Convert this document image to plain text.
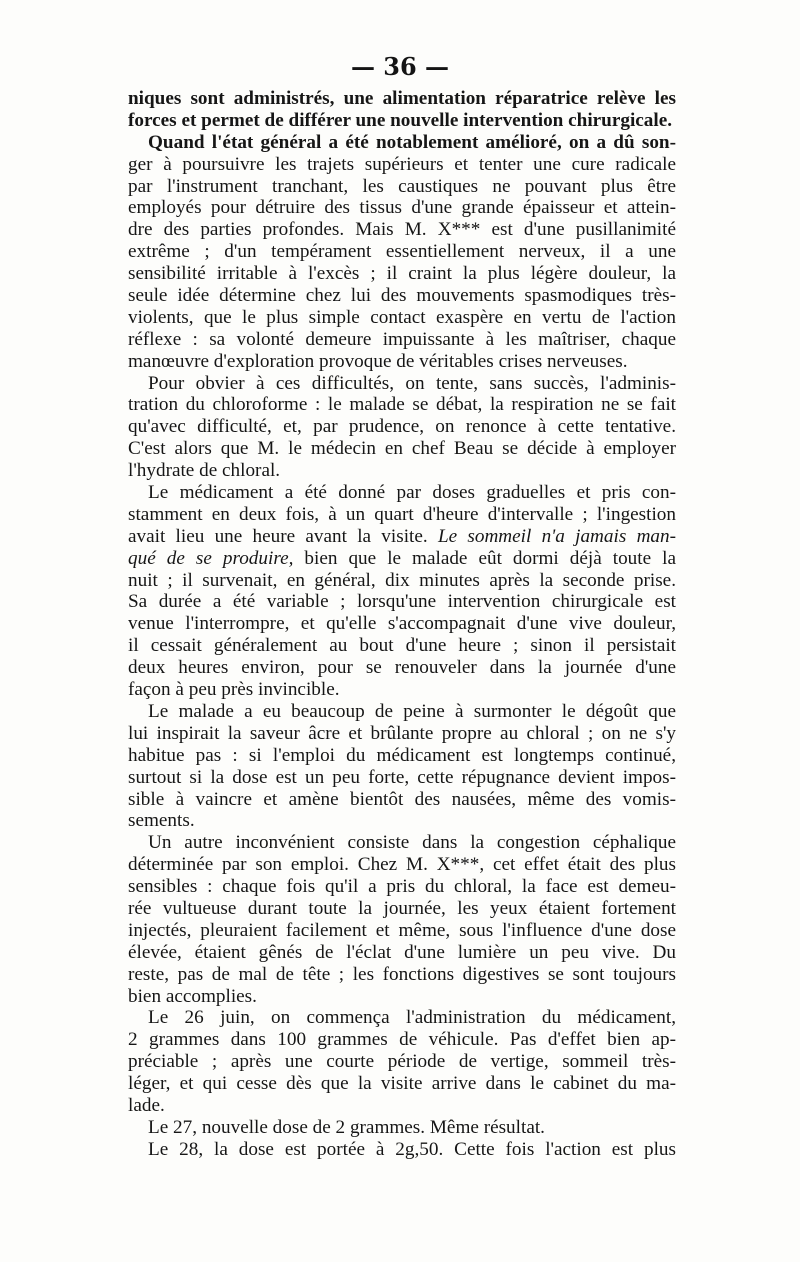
— 36 —
niques sont administrés, une alimentation réparatrice relève les
forces et permet de différer une nouvelle intervention chirurgicale.
Quand l'état général a été notablement amélioré, on a dû son-
ger à poursuivre les trajets supérieurs et tenter une cure radicale
par l'instrument tranchant, les caustiques ne pouvant plus être
employés pour détruire des tissus d'une grande épaisseur et attein-
dre des parties profondes. Mais M. X*** est d'une pusillanimité
extrême ; d'un tempérament essentiellement nerveux, il a une
sensibilité irritable à l'excès ; il craint la plus légère douleur, la
seule idée détermine chez lui des mouvements spasmodiques très-
violents, que le plus simple contact exaspère en vertu de l'action
réflexe : sa volonté demeure impuissante à les maîtriser, chaque
manœuvre d'exploration provoque de véritables crises nerveuses.
Pour obvier à ces difficultés, on tente, sans succès, l'adminis-
tration du chloroforme : le malade se débat, la respiration ne se fait
qu'avec difficulté, et, par prudence, on renonce à cette tentative.
C'est alors que M. le médecin en chef Beau se décide à employer
l'hydrate de chloral.
Le médicament a été donné par doses graduelles et pris con-
stamment en deux fois, à un quart d'heure d'intervalle ; l'ingestion
avait lieu une heure avant la visite. Le sommeil n'a jamais man-
qué de se produire, bien que le malade eût dormi déjà toute la
nuit ; il survenait, en général, dix minutes après la seconde prise.
Sa durée a été variable ; lorsqu'une intervention chirurgicale est
venue l'interrompre, et qu'elle s'accompagnait d'une vive douleur,
il cessait généralement au bout d'une heure ; sinon il persistait
deux heures environ, pour se renouveler dans la journée d'une
façon à peu près invincible.
Le malade a eu beaucoup de peine à surmonter le dégoût que
lui inspirait la saveur âcre et brûlante propre au chloral ; on ne s'y
habitue pas : si l'emploi du médicament est longtemps continué,
surtout si la dose est un peu forte, cette répugnance devient impos-
sible à vaincre et amène bientôt des nausées, même des vomis-
sements.
Un autre inconvénient consiste dans la congestion céphalique
déterminée par son emploi. Chez M. X***, cet effet était des plus
sensibles : chaque fois qu'il a pris du chloral, la face est demeu-
rée vultueuse durant toute la journée, les yeux étaient fortement
injectés, pleuraient facilement et même, sous l'influence d'une dose
élevée, étaient gênés de l'éclat d'une lumière un peu vive. Du
reste, pas de mal de tête ; les fonctions digestives se sont toujours
bien accomplies.
Le 26 juin, on commença l'administration du médicament,
2 grammes dans 100 grammes de véhicule. Pas d'effet bien ap-
préciable ; après une courte période de vertige, sommeil très-
léger, et qui cesse dès que la visite arrive dans le cabinet du ma-
lade.
Le 27, nouvelle dose de 2 grammes. Même résultat.
Le 28, la dose est portée à 2g,50. Cette fois l'action est plus
